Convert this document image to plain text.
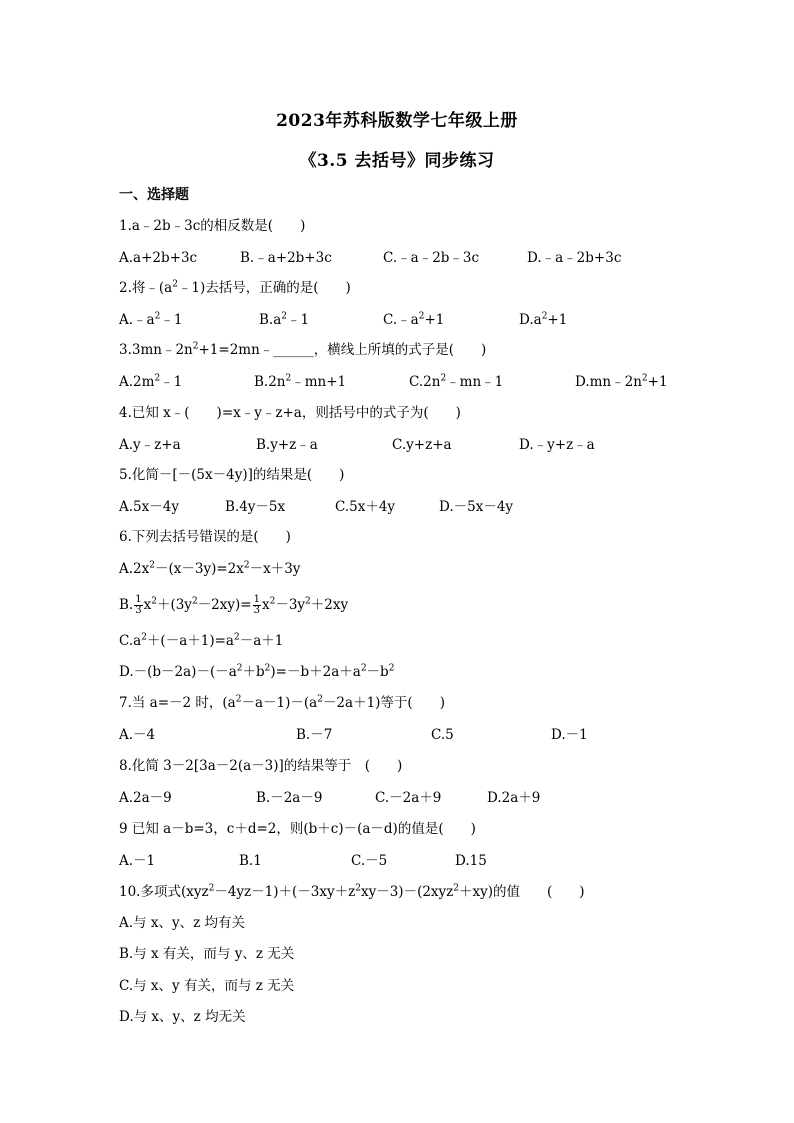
2023年苏科版数学七年级上册
《3.5 去括号》同步练习
一、选择题
1.a﹣2b﹣3c的相反数是(　　)
A.a+2b+3c	B.﹣a+2b+3c	C.﹣a﹣2b﹣3c	D.﹣a﹣2b+3c
2.将$﹣(a^2﹣1)$去括号，正确的是(　　)
$A.﹣a^2﹣1$	$B.a^2﹣1$	$C.﹣a^2+1$	$D.a^2+1$
$3.3mn﹣2n^2+1=2mn﹣\_\_\_\_\_\_$，横线上所填的式子是(　　)
$A.2m^2﹣1$	$B.2n^2﹣mn+1$	$C.2n^2﹣mn﹣1$	$D.mn﹣2n^2+1$
4.已知 x﹣(　　)=x﹣y﹣z+a，则括号中的式子为(　　)
A.y﹣z+a	B.y+z﹣a	C.y+z+a	D.﹣y+z﹣a
5.化简－[－(5x－4y)]的结果是(　　)
A.5x－4y	B.4y－5x	C.5x＋4y	D.－5x－4y
6.下列去括号错误的是(　　)
$A.2x^2-(x-3y)=2x^2-x+3y$
B. $\frac{1}{3} x^2+(3y^2-2xy)= \frac{1}{3} x^2-3y^2+2xy$
$C.a^2+(-a+1)=a^2-a+1$
$D.-(b-2a)-(-a^2+b^2)=-b+2a+a^2-b^2$
7.当 a=－2 时，$(a^2-a-1)-(a^2-2a+1)$等于(　　)
A.－4	B.－7	C.5	D.－1
8.化简 3－2[3a－2(a－3)]的结果等于　(　　)
A.2a－9	B.－2a－9	C.－2a＋9	D.2a＋9
9 已知 a－b=3，c＋d=2，则(b＋c)－(a－d)的值是(　　)
A.－1	B.1	C.－5	D.15
10.多项式$(xyz^2-4yz-1)+(-3xy+z^2xy-3)-(2xyz^2+xy)$的值　　(　　)
A.与 x、y、z 均有关
B.与 x 有关，而与 y、z 无关
C.与 x、y 有关，而与 z 无关
D.与 x、y、z 均无关
